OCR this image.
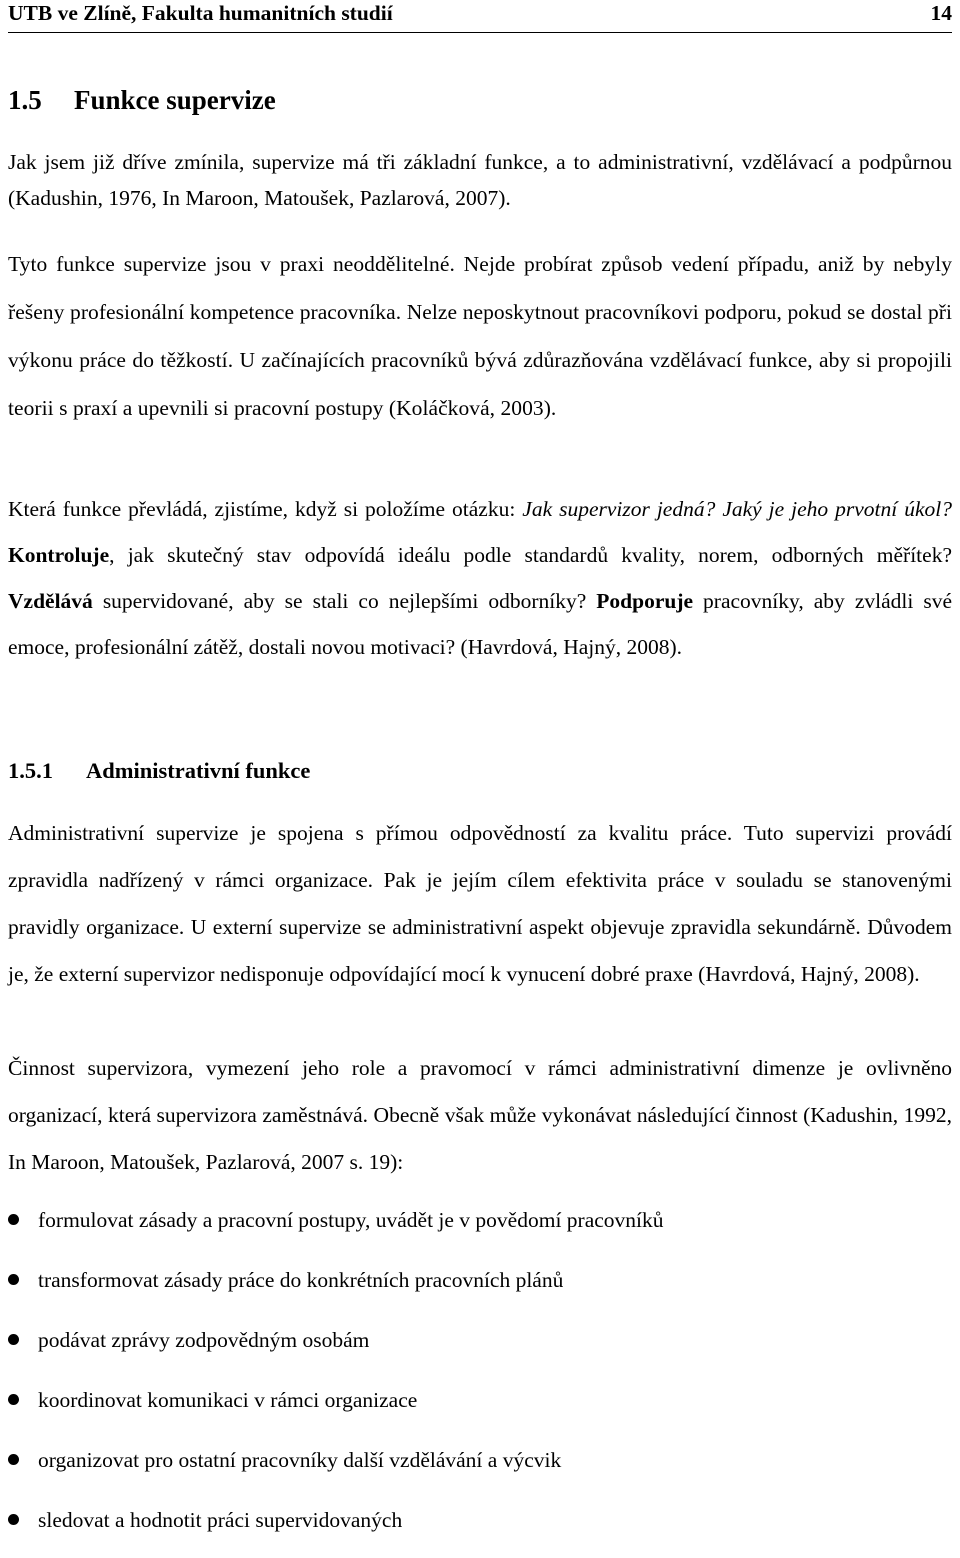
UTB ve Zlíně, Fakulta humanitních studií	14
1.5 Funkce supervize

Jak jsem již dříve zmínila, supervize má tři základní funkce, a to administrativní, vzdělávací a podpůrnou (Kadushin, 1976, In Maroon, Matoušek, Pazlarová, 2007).

Tyto funkce supervize jsou v praxi neoddělitelné. Nejde probírat způsob vedení případu, aniž by nebyly řešeny profesionální kompetence pracovníka. Nelze neposkytnout pracovníkovi podporu, pokud se dostal při výkonu práce do těžkostí. U začínajících pracovníků bývá zdůrazňována vzdělávací funkce, aby si propojili teorii s praxí a upevnili si pracovní postupy (Koláčková, 2003).

Která funkce převládá, zjistíme, když si položíme otázku: Jak supervizor jedná? Jaký je jeho prvotní úkol? Kontroluje, jak skutečný stav odpovídá ideálu podle standardů kvality, norem, odborných měřítek? Vzdělává supervidované, aby se stali co nejlepšími odborníky? Podporuje pracovníky, aby zvládli své emoce, profesionální zátěž, dostali novou motivaci? (Havrdová, Hajný, 2008).

1.5.1 Administrativní funkce

Administrativní supervize je spojena s přímou odpovědností za kvalitu práce. Tuto supervizi provádí zpravidla nadřízený v rámci organizace. Pak je jejím cílem efektivita práce v souladu se stanovenými pravidly organizace. U externí supervize se administrativní aspekt objevuje zpravidla sekundárně. Důvodem je, že externí supervizor nedisponuje odpovídající mocí k vynucení dobré praxe (Havrdová, Hajný, 2008).

Činnost supervizora, vymezení jeho role a pravomocí v rámci administrativní dimenze je ovlivněno organizací, která supervizora zaměstnává. Obecně však může vykonávat následující činnost (Kadushin, 1992, In Maroon, Matoušek, Pazlarová, 2007 s. 19):

formulovat zásady a pracovní postupy, uvádět je v povědomí pracovníků
transformovat zásady práce do konkrétních pracovních plánů
podávat zprávy zodpovědným osobám
koordinovat komunikaci v rámci organizace
organizovat pro ostatní pracovníky další vzdělávání a výcvik
sledovat a hodnotit práci supervidovaných
